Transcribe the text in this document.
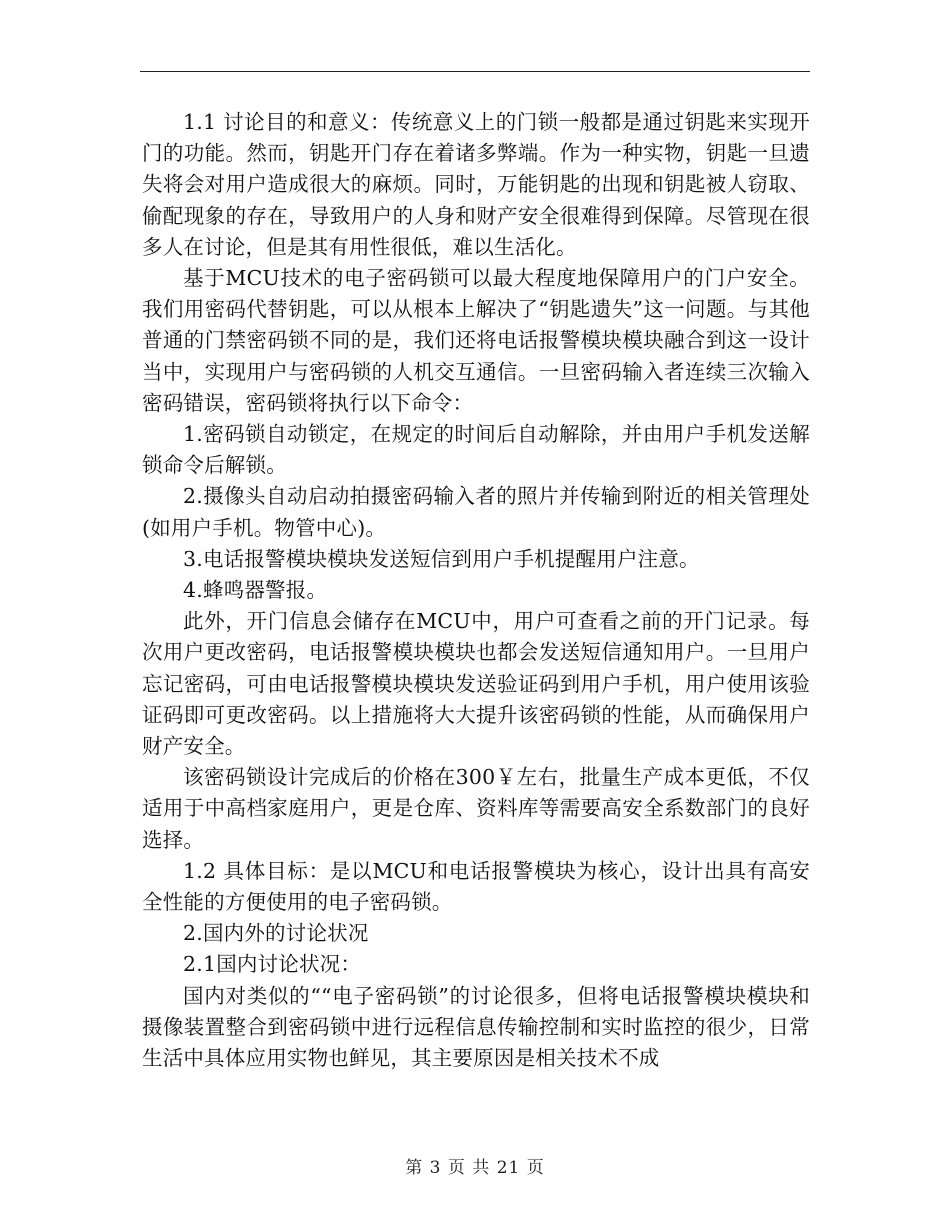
1.1 讨论目的和意义：传统意义上的门锁一般都是通过钥匙来实现开门的功能。然而，钥匙开门存在着诸多弊端。作为一种实物，钥匙一旦遗失将会对用户造成很大的麻烦。同时，万能钥匙的出现和钥匙被人窃取、偷配现象的存在，导致用户的人身和财产安全很难得到保障。尽管现在很多人在讨论，但是其有用性很低，难以生活化。

基于MCU技术的电子密码锁可以最大程度地保障用户的门户安全。我们用密码代替钥匙，可以从根本上解决了“钥匙遗失”这一问题。与其他普通的门禁密码锁不同的是，我们还将电话报警模块模块融合到这一设计当中，实现用户与密码锁的人机交互通信。一旦密码输入者连续三次输入密码错误，密码锁将执行以下命令：

1.密码锁自动锁定，在规定的时间后自动解除，并由用户手机发送解锁命令后解锁。

2.摄像头自动启动拍摄密码输入者的照片并传输到附近的相关管理处(如用户手机。物管中心)。

3.电话报警模块模块发送短信到用户手机提醒用户注意。

4.蜂鸣器警报。

此外，开门信息会储存在MCU中，用户可查看之前的开门记录。每次用户更改密码，电话报警模块模块也都会发送短信通知用户。一旦用户忘记密码，可由电话报警模块模块发送验证码到用户手机，用户使用该验证码即可更改密码。以上措施将大大提升该密码锁的性能，从而确保用户财产安全。

该密码锁设计完成后的价格在300￥左右，批量生产成本更低，不仅适用于中高档家庭用户，更是仓库、资料库等需要高安全系数部门的良好选择。

1.2 具体目标：是以MCU和电话报警模块为核心，设计出具有高安全性能的方便使用的电子密码锁。

2.国内外的讨论状况

2.1国内讨论状况：

国内对类似的““电子密码锁”的讨论很多，但将电话报警模块模块和摄像装置整合到密码锁中进行远程信息传输控制和实时监控的很少，日常生活中具体应用实物也鲜见，其主要原因是相关技术不成

第 3 页 共 21 页
